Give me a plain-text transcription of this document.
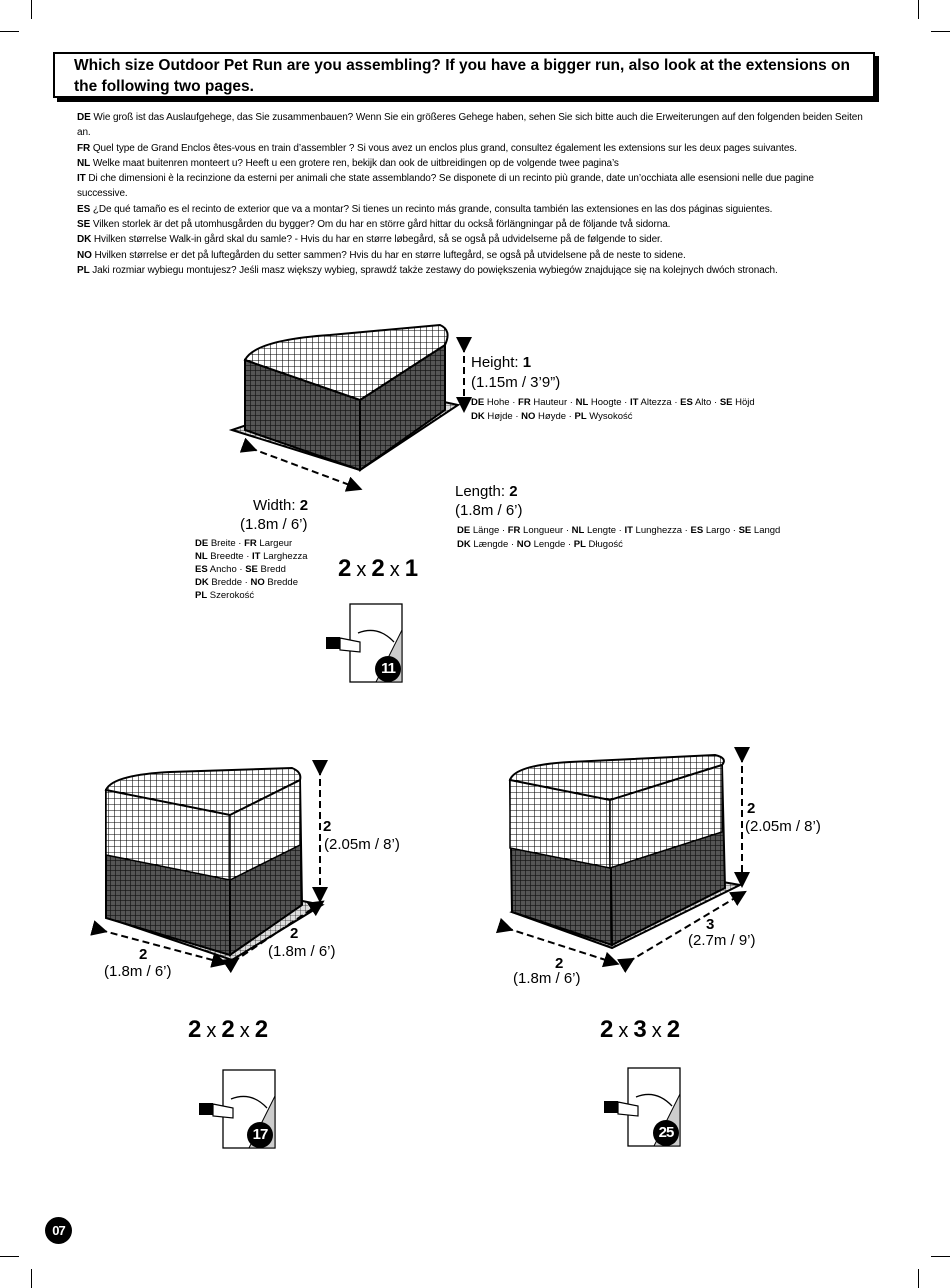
Which size Outdoor Pet Run are you assembling? If you have a bigger run, also look at the extensions on the following two pages.

DE Wie groß ist das Auslaufgehege, das Sie zusammenbauen? Wenn Sie ein größeres Gehege haben, sehen Sie sich bitte auch die Erweiterungen auf den folgenden beiden Seiten an.

FR Quel type de Grand Enclos êtes-vous en train d’assembler ? Si vous avez un enclos plus grand, consultez également les extensions sur les deux pages suivantes.

NL Welke maat buitenren monteert u? Heeft u een grotere ren, bekijk dan ook de uitbreidingen op de volgende twee pagina’s

IT Di che dimensioni è la recinzione da esterni per animali che state assemblando? Se disponete di un recinto più grande, date un’occhiata alle esensioni nelle due pagine successive.

ES ¿De qué tamaño es el recinto de exterior que va a montar? Si tienes un recinto más grande, consulta también las extensiones en las dos páginas siguientes.

SE Vilken storlek är det på utomhusgården du bygger? Om du har en större gård hittar du också förlängningar på de följande två sidorna.

DK Hvilken størrelse Walk-in gård skal du samle? - Hvis du har en større løbegård, så se også på udvidelserne på de følgende to sider.

NO Hvilken størrelse er det på luftegården du setter sammen? Hvis du har en større luftegård, se også på utvidelsene på de neste to sidene.

PL Jaki rozmiar wybiegu montujesz? Jeśli masz większy wybieg, sprawdź także zestawy do powiększenia wybiegów znajdujące się na kolejnych dwóch stronach.

Height: 1
(1.15m / 3’9”)
DE Hohe · FR Hauteur · NL Hoogte · IT Altezza · ES Alto · SE Höjd
DK Højde · NO Høyde · PL Wysokość
Length: 2
(1.8m / 6’)
DE Länge · FR Longueur · NL Lengte · IT Lunghezza · ES Largo · SE Langd
DK Længde · NO Lengde · PL Długość
Width: 2
(1.8m / 6’)
DE Breite · FR Largeur
NL Breedte · IT Larghezza
ES Ancho · SE Bredd
DK Bredde · NO Bredde
PL Szerokość
2 x 2 x 1
11
2
(2.05m / 8’)
2
(1.8m / 6’)
2
(1.8m / 6’)
2 x 2 x 2
17
2
(2.05m / 8’)
3
(2.7m / 9’)
2
(1.8m / 6’)
2 x 3 x 2
25
07
